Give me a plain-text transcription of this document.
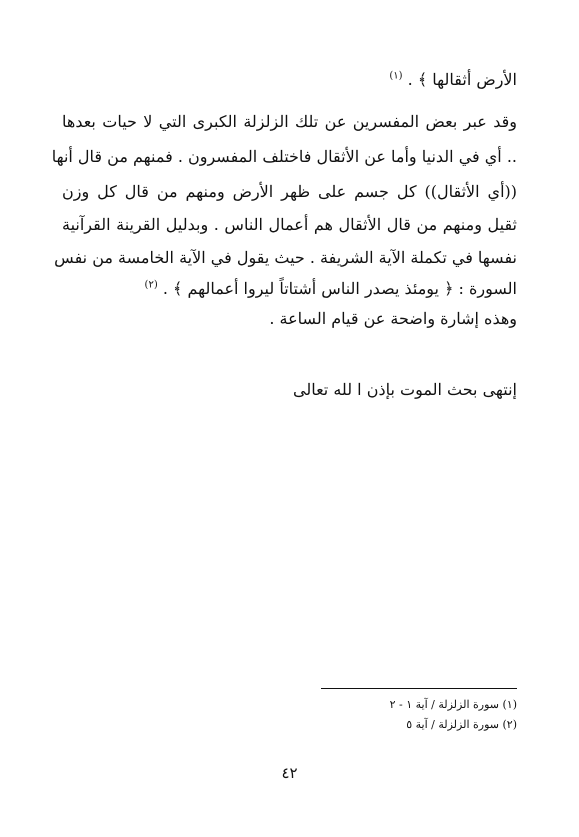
الأرض أثقالها ﴾ . $^{(١)}$
وقد عبر بعض المفسرين عن تلك الزلزلة الكبرى التي لا حيات بعدها
.. أي في الدنيا وأما عن الأثقال فاختلف المفسرون . فمنهم من قال أنها
((أي الأثقال)) كل جسم على ظهر الأرض ومنهم من قال كل وزن
ثقيل ومنهم من قال الأثقال هم أعمال الناس . وبدليل القرينة القرآنية
نفسها في تكملة الآية الشريفة . حيث يقول في الآية الخامسة من نفس
السورة : ﴿ يومئذ يصدر الناس أشتاتاً ليروا أعمالهم ﴾ . $^{(٢)}$
وهذه إشارة واضحة عن قيام الساعة .
إنتهى بحث الموت بإذن ا لله تعالى
(١) سورة الزلزلة / آية ١ - ٢
(٢) سورة الزلزلة / آية ٥
٤٢
